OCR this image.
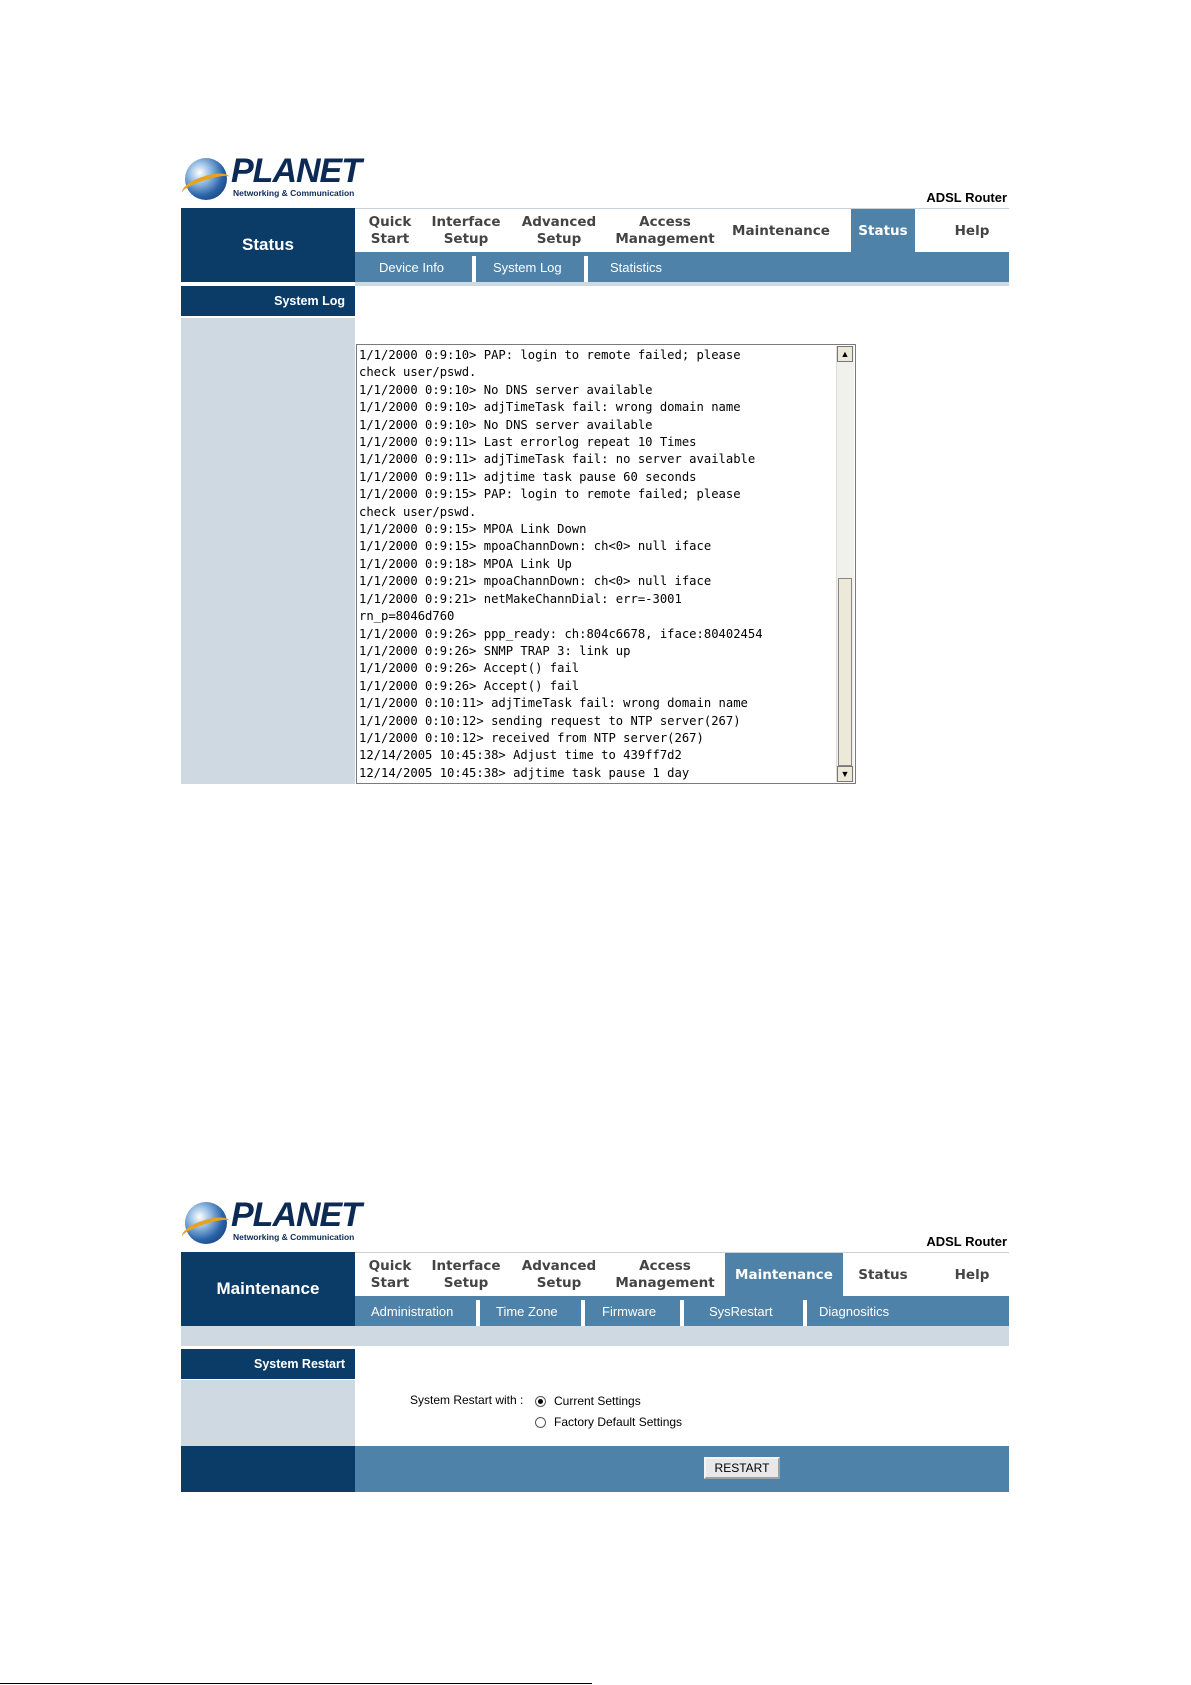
PLANET
Networking & Communication	ADSL Router
Status
Quick
Start
Interface
Setup
Advanced
Setup
Access
Management
Maintenance Status	Help
Device Info	System Log	Statistics
System Log
1/1/2000 0:9:10> PAP: login to remote failed; please
check user/pswd.
1/1/2000 0:9:10> No DNS server available
1/1/2000 0:9:10> adjTimeTask fail: wrong domain name
1/1/2000 0:9:10> No DNS server available
1/1/2000 0:9:11> Last errorlog repeat 10 Times
1/1/2000 0:9:11> adjTimeTask fail: no server available
1/1/2000 0:9:11> adjtime task pause 60 seconds
1/1/2000 0:9:15> PAP: login to remote failed; please
check user/pswd.
1/1/2000 0:9:15> MPOA Link Down
1/1/2000 0:9:15> mpoaChannDown: ch<0> null iface
1/1/2000 0:9:18> MPOA Link Up
1/1/2000 0:9:21> mpoaChannDown: ch<0> null iface
1/1/2000 0:9:21> netMakeChannDial: err=-3001
rn_p=8046d760
1/1/2000 0:9:26> ppp_ready: ch:804c6678, iface:80402454
1/1/2000 0:9:26> SNMP TRAP 3: link up
1/1/2000 0:9:26> Accept() fail
1/1/2000 0:9:26> Accept() fail
1/1/2000 0:10:11> adjTimeTask fail: wrong domain name
1/1/2000 0:10:12> sending request to NTP server(267)
1/1/2000 0:10:12> received from NTP server(267)
12/14/2005 10:45:38> Adjust time to 439ff7d2
12/14/2005 10:45:38> adjtime task pause 1 day
▲
▼
PLANET
Networking & Communication	ADSL Router
Maintenance
Quick
Start
Interface
Setup
Advanced
Setup
Access
Management
Maintenance Status	Help
Administration	Time Zone	Firmware	SysRestart	Diagnositics
System Restart
System Restart with :	Current Settings
Factory Default Settings
RESTART
